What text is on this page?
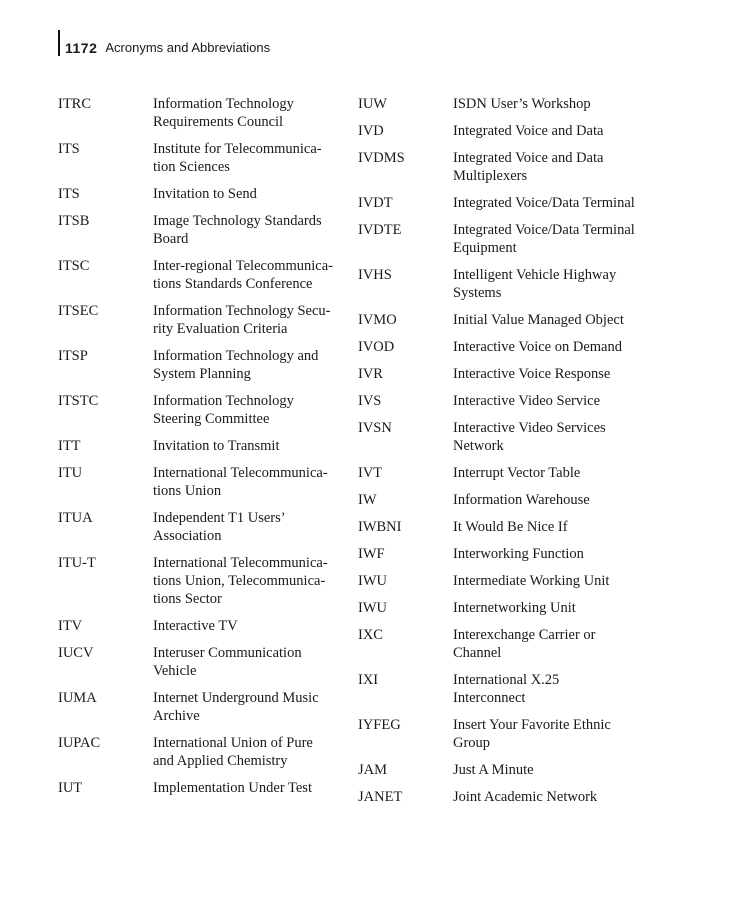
1172 Acronyms and Abbreviations
ITRC	Information Technology
Requirements Council
ITS	Institute for Telecommunica-
tion Sciences
ITS	Invitation to Send
ITSB	Image Technology Standards
Board
ITSC	Inter-regional Telecommunica-
tions Standards Conference
ITSEC	Information Technology Secu-
rity Evaluation Criteria
ITSP	Information Technology and
System Planning
ITSTC	Information Technology
Steering Committee
ITT	Invitation to Transmit
ITU	International Telecommunica-
tions Union
ITUA	Independent T1 Users’
Association
ITU-T	International Telecommunica-
tions Union, Telecommunica-
tions Sector
ITV	Interactive TV
IUCV	Interuser Communication
Vehicle
IUMA	Internet Underground Music
Archive
IUPAC	International Union of Pure
and Applied Chemistry
IUT	Implementation Under Test
IUW	ISDN User’s Workshop
IVD	Integrated Voice and Data
IVDMS	Integrated Voice and Data
Multiplexers
IVDT	Integrated Voice/Data Terminal
IVDTE	Integrated Voice/Data Terminal
Equipment
IVHS	Intelligent Vehicle Highway
Systems
IVMO	Initial Value Managed Object
IVOD	Interactive Voice on Demand
IVR	Interactive Voice Response
IVS	Interactive Video Service
IVSN	Interactive Video Services
Network
IVT	Interrupt Vector Table
IW	Information Warehouse
IWBNI	It Would Be Nice If
IWF	Interworking Function
IWU	Intermediate Working Unit
IWU	Internetworking Unit
IXC	Interexchange Carrier or
Channel
IXI	International X.25
Interconnect
IYFEG	Insert Your Favorite Ethnic
Group
JAM	Just A Minute
JANET	Joint Academic Network
